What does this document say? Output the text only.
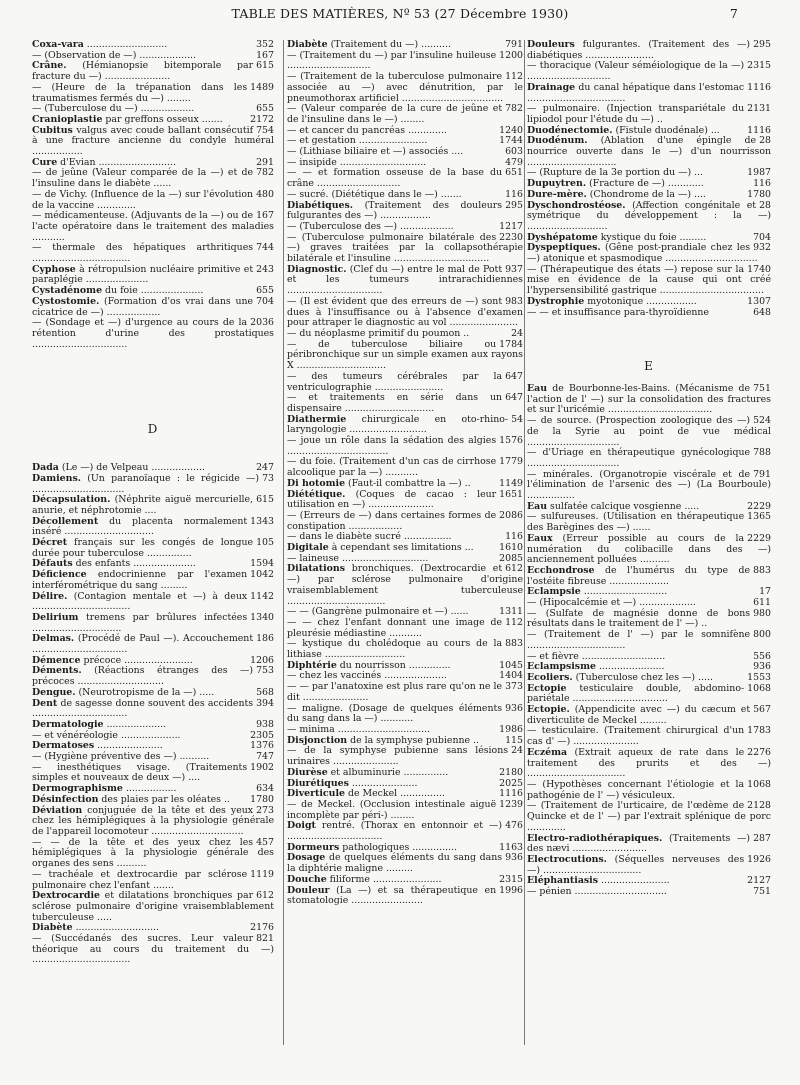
TABLE DES MATIÈRES, Nº 53 (27 Décembre 1930)	7

352
Coxa-vara ...........................

167
— (Observation de —) ...................

615
Crâne. (Hémianopsie bitemporale par fracture du —) ......................

1489
— (Heure de la trépanation dans les traumatismes fermés du —) ........

655
— (Tuberculose du —) ..................

2172
Cranioplastie par greffons osseux .......

754
Cubitus valgus avec coude ballant consécutif à une fracture ancienne du condyle huméral .................

291
Cure d'Evian ..........................

782
— de jeûne (Valeur comparée de la —) et de l'insuline dans le diabète ......

480
— de Vichy. (Influence de la —) sur l'évolution de la vaccine .............

167
— médicamenteuse. (Adjuvants de la —) ou de l'acte opératoire dans le traitement des maladies ...........

744
— thermale des hépatiques arthritiques .................................

243
Cyphose à rétropulsion nucléaire primitive et paraplégie .....................

655
Cystadénome du foie .....................

704
Cystostomie. (Formation d'os vrai dans une cicatrice de —) ..................

2036
— (Sondage et —) d'urgence au cours de la rétention d'urine des prostatiques ................................

D

247
Dada (Le —) de Velpeau ..................

73
Damiens. (Un paranoïaque : le régicide —) ...............................

615
Décapsulation. (Néphrite aiguë mercurielle, anurie, et néphrotomie ....

1343
Décollement du placenta normalement inséré ..............................

105
Décret français sur les congés de longue durée pour tuberculose ...............

1594
Défauts des enfants .....................

1042
Déficience endocrinienne par l'examen interférométrique du sang .........

1142
Délire. (Contagion mentale et —) à deux .................................

1340
Delirium tremens par brûlures infectées ..............................

186
Delmas. (Procédé de Paul —). Accouchement ................................

1206
Démence précoce .......................

753
Déments. (Réactions étranges des —) précoces .............................

568
Dengue. (Neurotropisme de la —) .....

394
Dent de sagesse donne souvent des accidents ................................

938
Dermatologie ....................

2305
— et vénéréologie ....................

1376
Dermatoses ......................

747
— (Hygiène préventive des —) ..........

1902
— inesthétiques visage. (Traitements simples et nouveaux de deux —) ....

634
Dermographisme .................

1780
Désinfection des plaies par les oléates ..

273
Déviation conjuguée de la tête et des yeux chez les hémiplégiques à la physiologie générale de l'appareil locomoteur ...............................

457
— — de la tête et des yeux chez les hémiplégiques à la physiologie générale des organes des sens ..........

1119
— trachéale et dextrocardie par sclérose pulmonaire chez l'enfant .......

612
Dextrocardie et dilatations bronchiques par sclérose pulmonaire d'origine vraisemblablement tuberculeuse .....

2176
Diabète ............................

821
— (Succédanés des sucres. Leur valeur théorique au cours du traitement du —) .................................

791
Diabète (Traitement du —) ..........

1200
— (Traitement du —) par l'insuline huileuse ............................

112
— (Traitement de la tuberculose pulmonaire associée au —) avec dénutrition, par le pneumothorax artificiel ..................................

782
— (Valeur comparée de la cure de jeûne et de l'insuline dans le —) ........

1240
— et cancer du pancréas .............

1744
— et gestation .......................

603
— (Lithiase biliaire et —) associés ....

479
— insipide .............................

651
— — et formation osseuse de la base du crâne ............................

116
— sucré. (Diététique dans le —) .......

295
Diabétiques. (Traitement des douleurs fulgurantes des —) .................

1217
— (Tuberculose des —) ..................

2230
— (Tuberculose pulmonaire bilatérale des —) graves traitées par la collapsothérapie bilatérale et l'insuline ................................

937
Diagnostic. (Clef du —) entre le mal de Pott et les tumeurs intrarachidiennes ................................

983
— (Il est évident que des erreurs de —) sont dues à l'insuffisance ou à l'absence d'examen pour attraper le diagnostic au vol .......................

24
— du néoplasme primitif du poumon ..

1784
— de tuberculose biliaire ou péribronchique sur un simple examen aux rayons X ..............................

647
— des tumeurs cérébrales par la ventriculographie .......................

647
— et traitements en série dans un dispensaire ..............................

54
Diathermie chirurgicale en oto-rhino-laryngologie ..........................

1576
— joue un rôle dans la sédation des algies ..................................

1779
— du foie. (Traitement d'un cas de cirrhose alcoolique par la —) ...........

1149
Di hotomie (Faut-il combattre la —) ..

1651
Diététique. (Coques de cacao : leur utilisation en —) ......................

2086
— (Erreurs de —) dans certaines formes de constipation ..................

116
— dans le diabète sucré ................

1610
Digitale à cependant ses limitations ...

2085
— laineuse .............................

612
Dilatations bronchiques. (Dextrocardie et —) par sclérose pulmonaire d'origine vraisemblablement tuberculeuse .................................

1311
— — (Gangrène pulmonaire et —) ......

112
— — chez l'enfant donnant une image de pleurésie médiastine ...........

883
— kystique du cholédoque au cours de la lithiase ...........................

1045
Diphtérie du nourrisson ..............

1404
— chez les vaccinés .....................

373
— — par l'anatoxine est plus rare qu'on ne le dit ......................

936
— maligne. (Dosage de quelques éléments du sang dans la —) ...........

1986
— minima ...............................

115
Disjonction de la symphyse pubienne ..

24
— de la symphyse pubienne sans lésions urinaires ......................

2180
Diurèse et albuminurie ...............

2025
Diurétiques ......................

1116
Diverticule de Meckel ...............

1239
— de Meckel. (Occlusion intestinale aiguë incomplète par péri-) ........

476
Doigt rentré. (Thorax en entonnoir et —) ................................

1163
Dormeurs pathologiques ...............

936
Dosage de quelques éléments du sang dans la diphtérie maligne .........

2315
Douche filiforme .......................

1996
Douleur (La —) et sa thérapeutique en stomatologie ........................

295
Douleurs fulgurantes. (Traitement des —) diabétiques .......................

2315
— thoracique (Valeur séméiologique de la —) ............................

1116
Drainage du canal hépatique dans l'estomac .................................

2131
— pulmonaire. (Injection transpariétale du lipiodol pour l'étude du —) ..

1116
Duodénectomie. (Fistule duodénale) ...

28
Duodénum. (Ablation d'une épingle de nourrice ouverte dans le —) d'un nourrisson ..............................

1987
— (Rupture de la 3e portion du —) ...

116
Dupuytren. (Fracture de —) ............

1780
Dure-mère. (Chondrome de la —) ....

28
Dyschondrostéose. (Affection congénitale et symétrique du développement : la —) ...........................

704
Dyshépatome kystique du foie .........

932
Dyspeptiques. (Gêne post-prandiale chez les —) atonique et spasmodique ...............................

1740
— (Thérapeutique des états —) repose sur la mise en évidence de la cause qui ont créé l'hypersensibilité gastrique ...................................

1307
Dystrophie myotonique .................

648
— — et insuffisance para-thyroïdienne

E

751
Eau de Bourbonne-les-Bains. (Mécanisme de l'action de l' —) sur la consolidation des fractures et sur l'uricémie ...................................

524
— de source. (Prospection zoologique des —) de la Syrie au point de vue médical ...............................

788
— d'Uriage en thérapeutique gynécologique ...............................

791
— minérales. (Organotropie viscérale et de l'élimination de l'arsenic des —) (La Bourboule) ................

2229
Eau sulfatée calcique vosgienne .....

1365
— sulfureuses. (Utilisation en thérapeutique des Barègines des —) ......

2229
Eaux (Erreur possible au cours de la numération du colibacille dans des —) anciennement polluées ..........

883
Ecchondrose de l'humérus du type de l'ostéite fibreuse ....................

17
Eclampsie ............................

611
— (Hipocalcémie et —) ...................

980
— (Sulfate de magnésie donne de bons résultats dans le traitement de l' —) ..

800
— (Traitement de l' —) par le somnifène .................................

556
— et fièvre ............................

936
Eclampsisme ......................

1553
Ecoliers. (Tuberculose chez les —) .....

1068
Ectopie testiculaire double, abdomino-pariétale ................................

567
Ectopie. (Appendicite avec —) du cæcum et diverticulite de Meckel .........

1783
— testiculaire. (Traitement chirurgical d'un cas d' —) ......................

2276
Eczéma (Extrait aqueux de rate dans le traitement des prurits et des —) .................................

1068
— (Hypothèses concernant l'étiologie et la pathogénie de l' —) vésiculeux.

2128
— (Traitement de l'urticaire, de l'œdème de Quincke et de l' —) par l'extrait splénique de porc .............

287
Electro-radiothérapiques. (Traitements —) des nævi .........................

1926
Electrocutions. (Séquelles nerveuses des —) .................................

2127
Eléphantiasis .......................

751
— pénien ...............................
